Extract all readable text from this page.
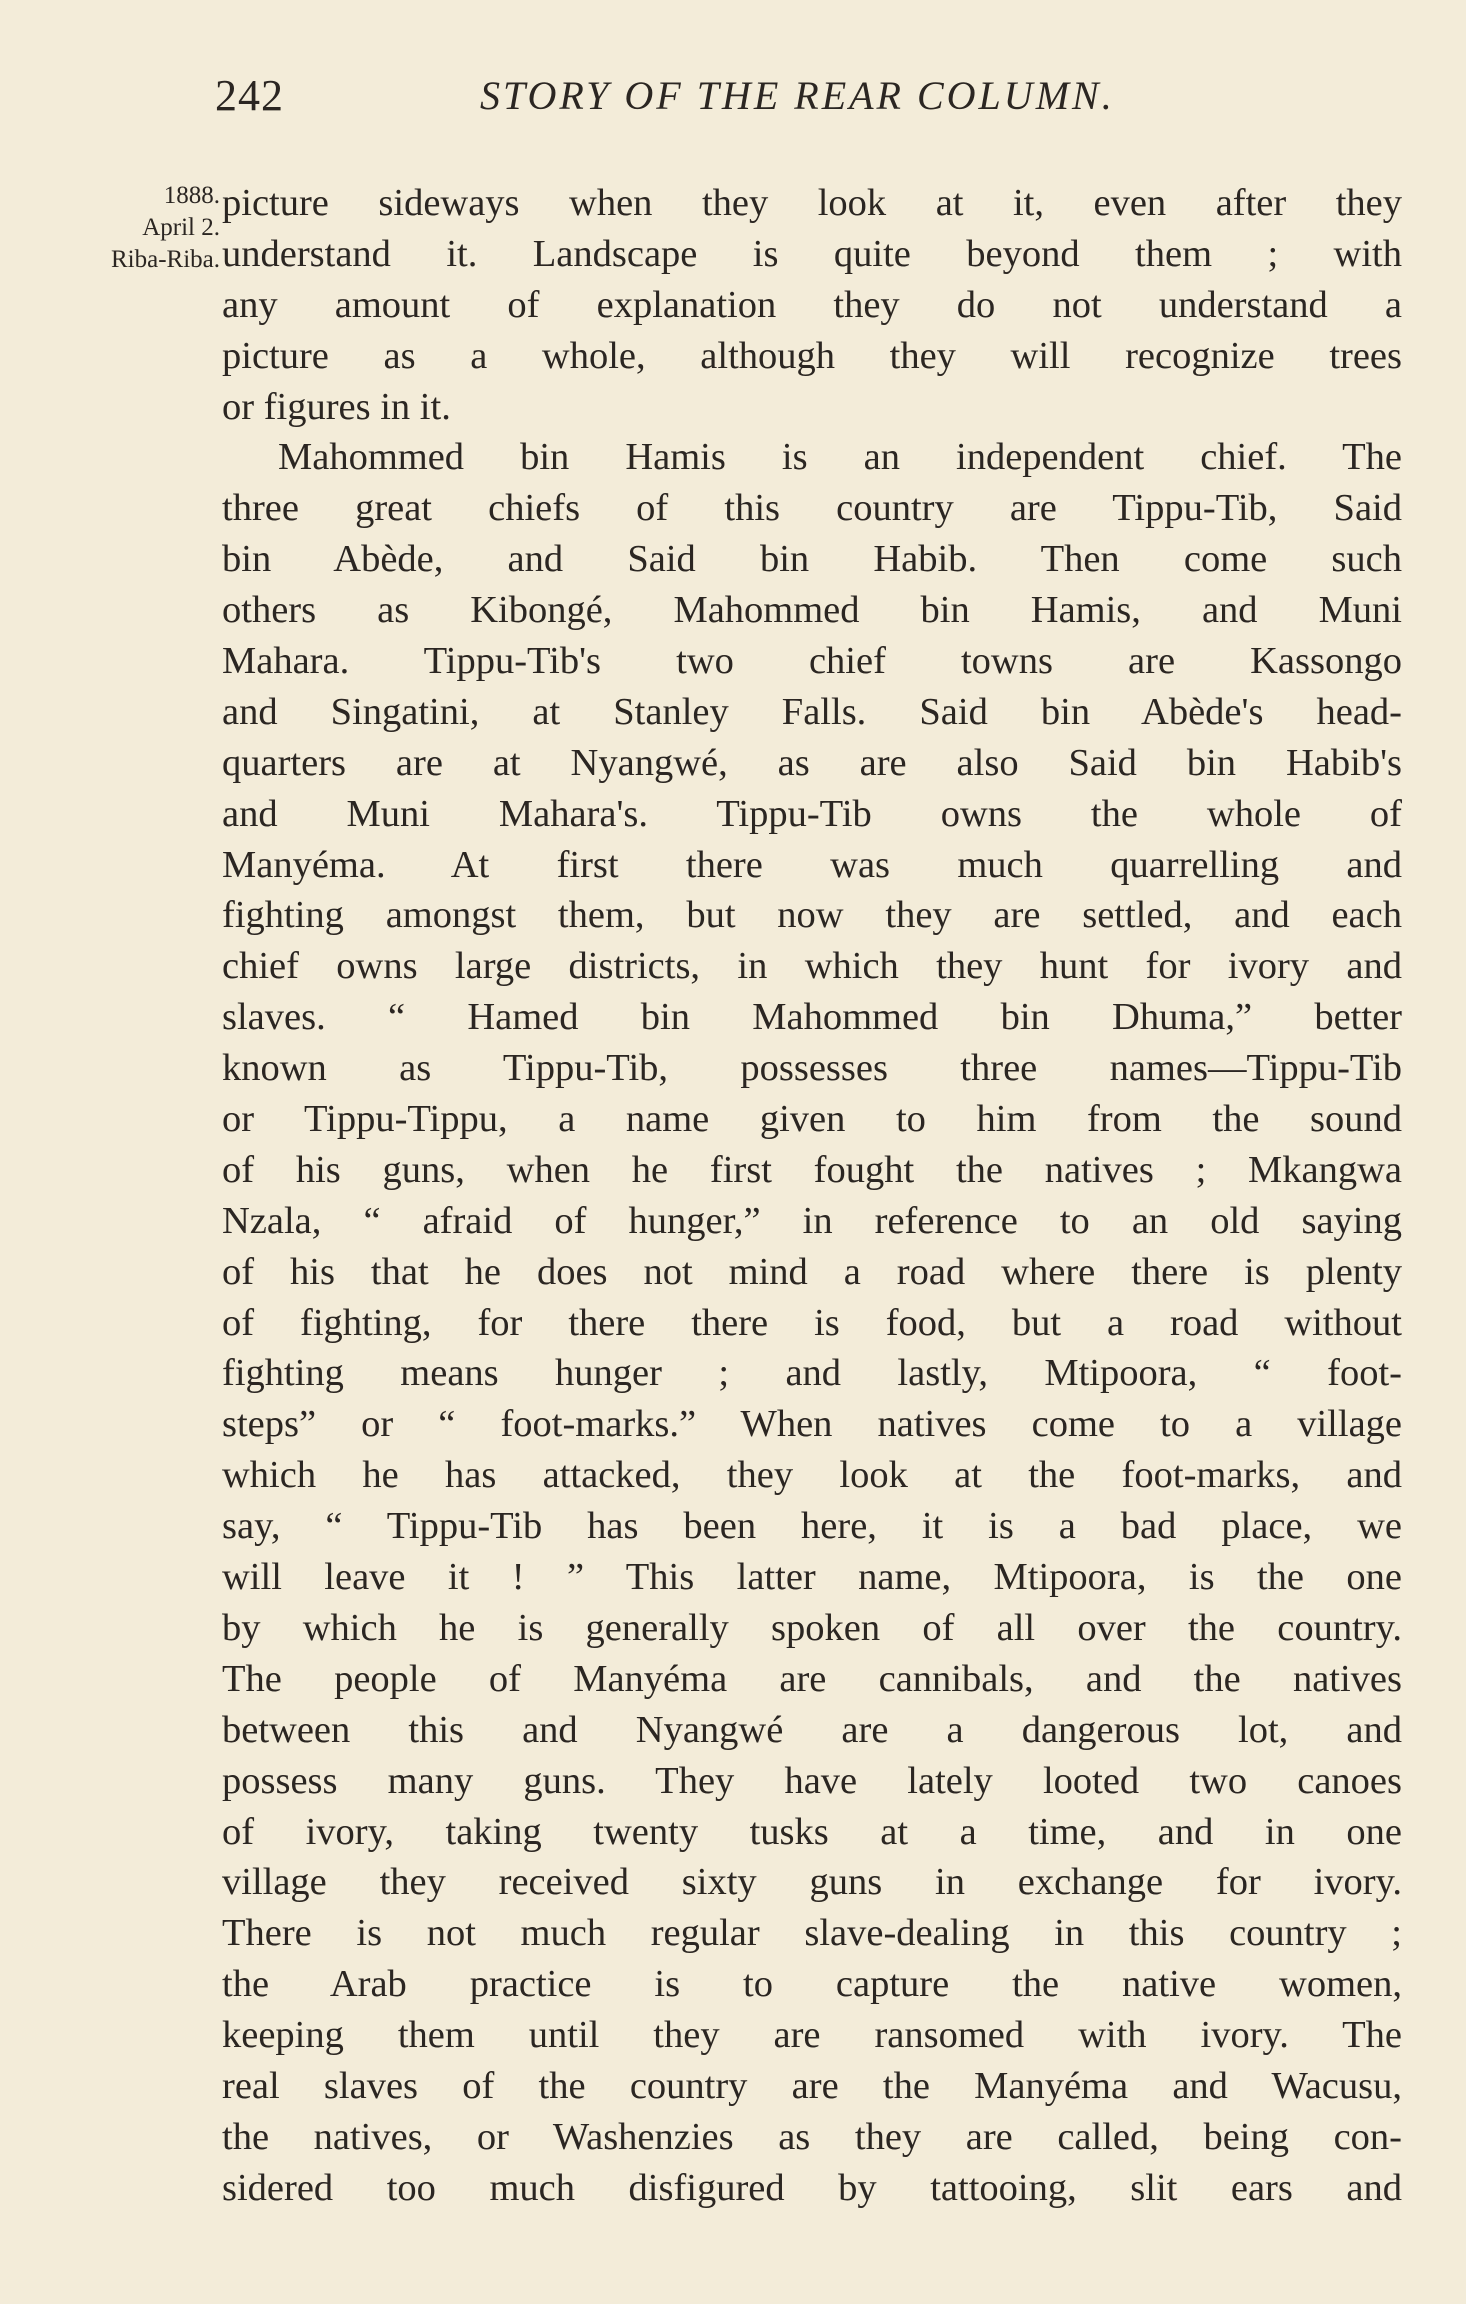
242	STORY OF THE REAR COLUMN.
1888.
April 2.
Riba-Riba.
picture sideways when they look at it, even after they
understand it. Landscape is quite beyond them ; with
any amount of explanation they do not understand a
picture as a whole, although they will recognize trees
or figures in it.
Mahommed bin Hamis is an independent chief. The
three great chiefs of this country are Tippu-Tib, Said
bin Abède, and Said bin Habib. Then come such
others as Kibongé, Mahommed bin Hamis, and Muni
Mahara. Tippu-Tib's two chief towns are Kassongo
and Singatini, at Stanley Falls. Said bin Abède's head-
quarters are at Nyangwé, as are also Said bin Habib's
and Muni Mahara's. Tippu-Tib owns the whole of
Manyéma. At first there was much quarrelling and
fighting amongst them, but now they are settled, and each
chief owns large districts, in which they hunt for ivory and
slaves. “ Hamed bin Mahommed bin Dhuma,” better
known as Tippu-Tib, possesses three names—Tippu-Tib
or Tippu-Tippu, a name given to him from the sound
of his guns, when he first fought the natives ; Mkangwa
Nzala, “ afraid of hunger,” in reference to an old saying
of his that he does not mind a road where there is plenty
of fighting, for there there is food, but a road without
fighting means hunger ; and lastly, Mtipoora, “ foot-
steps” or “ foot-marks.” When natives come to a village
which he has attacked, they look at the foot-marks, and
say, “ Tippu-Tib has been here, it is a bad place, we
will leave it ! ” This latter name, Mtipoora, is the one
by which he is generally spoken of all over the country.
The people of Manyéma are cannibals, and the natives
between this and Nyangwé are a dangerous lot, and
possess many guns. They have lately looted two canoes
of ivory, taking twenty tusks at a time, and in one
village they received sixty guns in exchange for ivory.
There is not much regular slave-dealing in this country ;
the Arab practice is to capture the native women,
keeping them until they are ransomed with ivory. The
real slaves of the country are the Manyéma and Wacusu,
the natives, or Washenzies as they are called, being con-
sidered too much disfigured by tattooing, slit ears and
